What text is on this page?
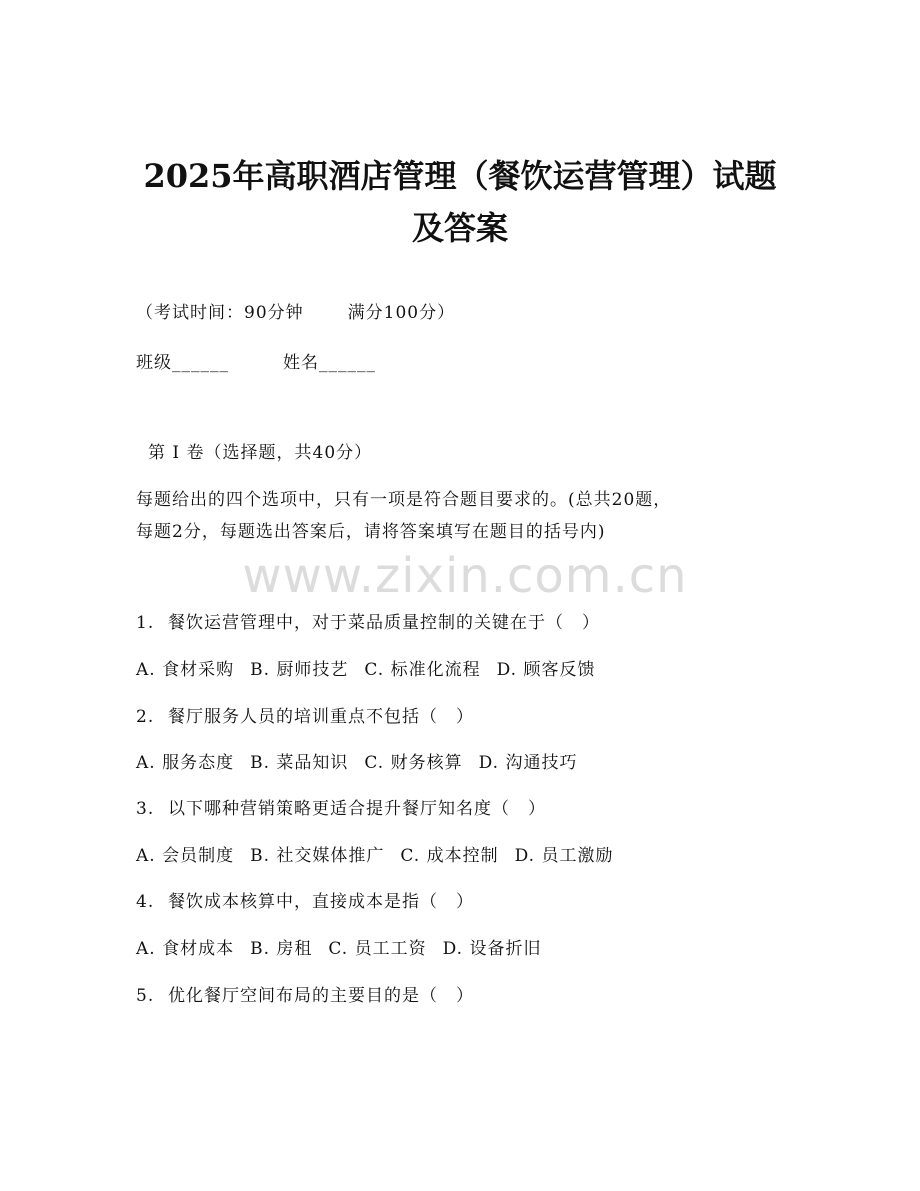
2025年高职酒店管理（餐饮运营管理）试题
及答案
（考试时间：90分钟	满分100分）
班级______	姓名______
第 I 卷（选择题，共40分）
每题给出的四个选项中，只有一项是符合题目要求的。(总共20题，
每题2分，每题选出答案后，请将答案填写在题目的括号内)
www.zixin.com.cn
1. 餐饮运营管理中，对于菜品质量控制的关键在于（　）
A. 食材采购 B. 厨师技艺 C. 标准化流程 D. 顾客反馈
2. 餐厅服务人员的培训重点不包括（　）
A. 服务态度 B. 菜品知识 C. 财务核算 D. 沟通技巧
3. 以下哪种营销策略更适合提升餐厅知名度（　）
A. 会员制度 B. 社交媒体推广 C. 成本控制 D. 员工激励
4. 餐饮成本核算中，直接成本是指（　）
A. 食材成本 B. 房租 C. 员工工资 D. 设备折旧
5. 优化餐厅空间布局的主要目的是（　）
